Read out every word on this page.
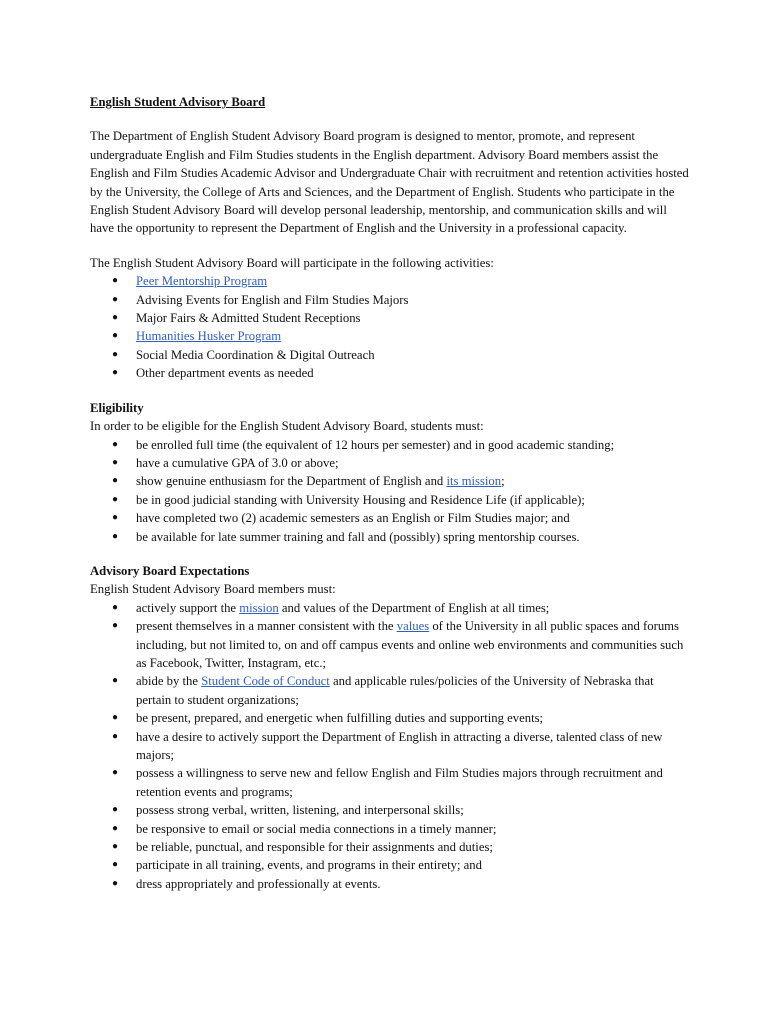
English Student Advisory Board

The Department of English Student Advisory Board program is designed to mentor, promote, and represent undergraduate English and Film Studies students in the English department. Advisory Board members assist the English and Film Studies Academic Advisor and Undergraduate Chair with recruitment and retention activities hosted by the University, the College of Arts and Sciences, and the Department of English. Students who participate in the English Student Advisory Board will develop personal leadership, mentorship, and communication skills and will have the opportunity to represent the Department of English and the University in a professional capacity.

The English Student Advisory Board will participate in the following activities:

●	Peer Mentorship Program
●	Advising Events for English and Film Studies Majors
●	Major Fairs & Admitted Student Receptions
●	Humanities Husker Program
●	Social Media Coordination & Digital Outreach
●	Other department events as needed

Eligibility

In order to be eligible for the English Student Advisory Board, students must:

●	be enrolled full time (the equivalent of 12 hours per semester) and in good academic standing;
●	have a cumulative GPA of 3.0 or above;
●	show genuine enthusiasm for the Department of English and its mission;
●	be in good judicial standing with University Housing and Residence Life (if applicable);
●	have completed two (2) academic semesters as an English or Film Studies major; and
●	be available for late summer training and fall and (possibly) spring mentorship courses.

Advisory Board Expectations

English Student Advisory Board members must:

●	actively support the mission and values of the Department of English at all times;
●	present themselves in a manner consistent with the values of the University in all public spaces and forums including, but not limited to, on and off campus events and online web environments and communities such as Facebook, Twitter, Instagram, etc.;
●	abide by the Student Code of Conduct and applicable rules/policies of the University of Nebraska that pertain to student organizations;
●	be present, prepared, and energetic when fulfilling duties and supporting events;
●	have a desire to actively support the Department of English in attracting a diverse, talented class of new majors;
●	possess a willingness to serve new and fellow English and Film Studies majors through recruitment and retention events and programs;
●	possess strong verbal, written, listening, and interpersonal skills;
●	be responsive to email or social media connections in a timely manner;
●	be reliable, punctual, and responsible for their assignments and duties;
●	participate in all training, events, and programs in their entirety; and
●	dress appropriately and professionally at events.
